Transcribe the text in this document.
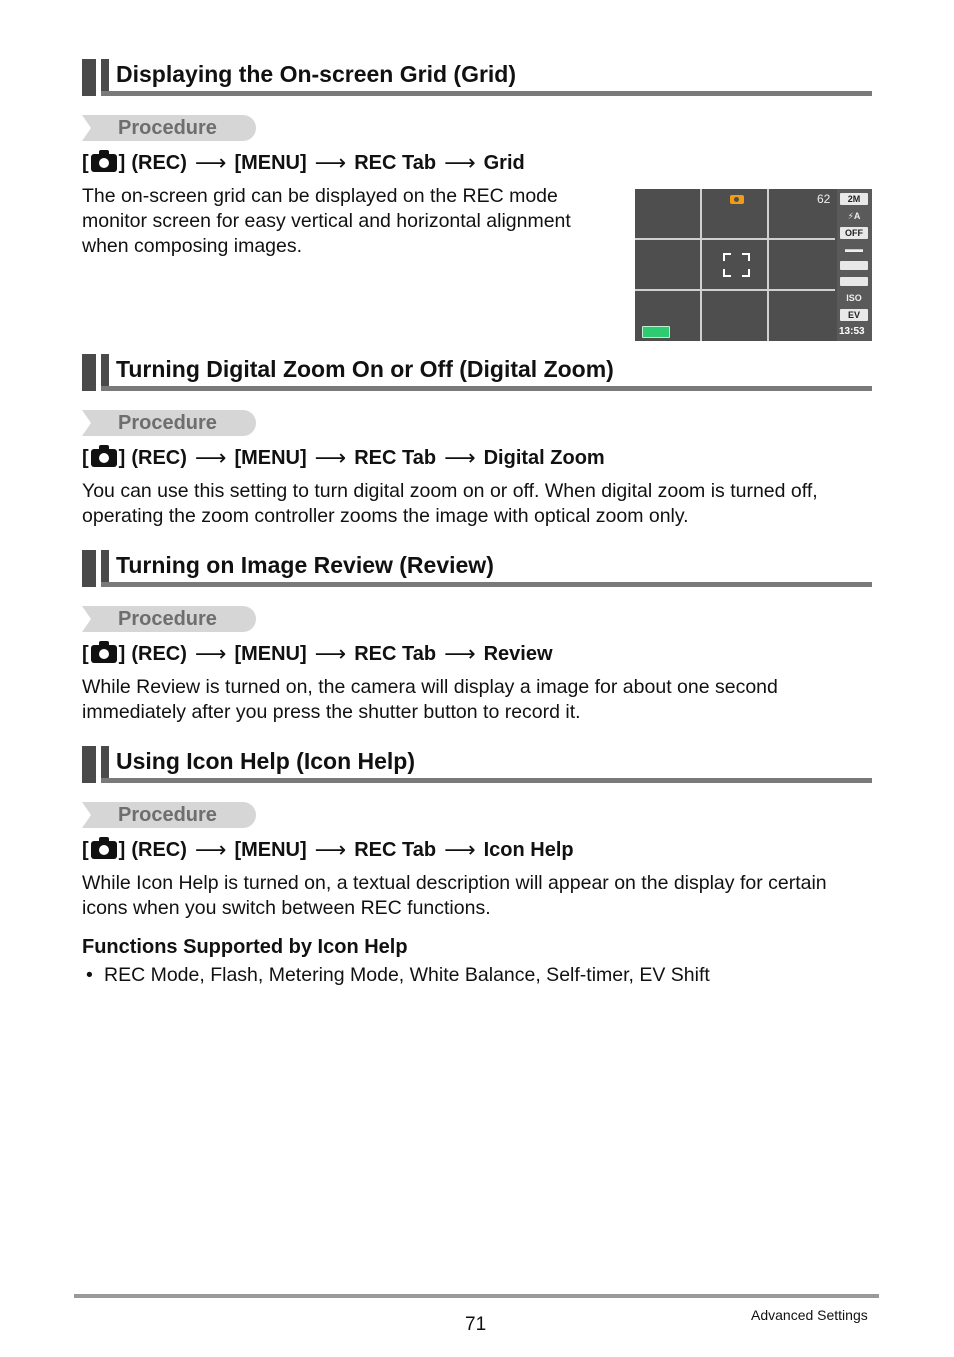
Displaying the On-screen Grid (Grid)
Procedure
[ ] (REC) ⟶ [MENU] ⟶ REC Tab ⟶ Grid
The on-screen grid can be displayed on the REC mode monitor screen for easy vertical and horizontal alignment when composing images.
62	2M
⚡A
OFF
▬▬
ISO
EV
13:53
Turning Digital Zoom On or Off (Digital Zoom)
Procedure
[ ] (REC) ⟶ [MENU] ⟶ REC Tab ⟶ Digital Zoom
You can use this setting to turn digital zoom on or off. When digital zoom is turned off, operating the zoom controller zooms the image with optical zoom only.
Turning on Image Review (Review)
Procedure
[ ] (REC) ⟶ [MENU] ⟶ REC Tab ⟶ Review
While Review is turned on, the camera will display a image for about one second immediately after you press the shutter button to record it.
Using Icon Help (Icon Help)
Procedure
[ ] (REC) ⟶ [MENU] ⟶ REC Tab ⟶ Icon Help
While Icon Help is turned on, a textual description will appear on the display for certain icons when you switch between REC functions.
Functions Supported by Icon Help
• REC Mode, Flash, Metering Mode, White Balance, Self-timer, EV Shift
71	Advanced Settings
